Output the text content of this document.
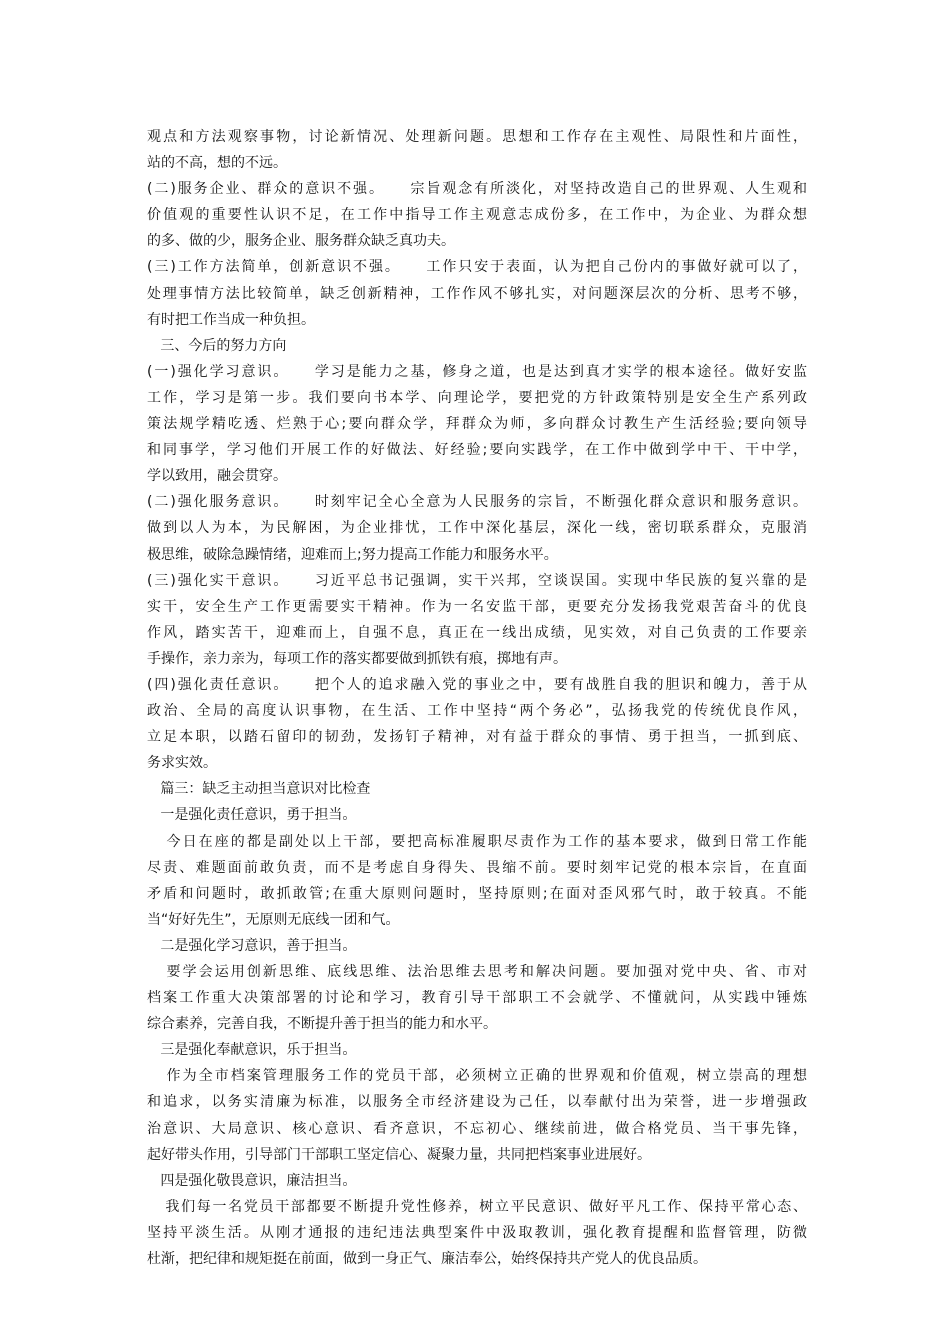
观点和方法观察事物，讨论新情况、处理新问题。思想和工作存在主观性、局限性和片面性，
站的不高，想的不远。
(二)服务企业、群众的意识不强。    宗旨观念有所淡化，对坚持改造自己的世界观、人生观和
价值观的重要性认识不足，在工作中指导工作主观意志成份多，在工作中，为企业、为群众想
的多、做的少，服务企业、服务群众缺乏真功夫。
(三)工作方法简单，创新意识不强。    工作只安于表面，认为把自己份内的事做好就可以了，
处理事情方法比较简单，缺乏创新精神，工作作风不够扎实，对问题深层次的分析、思考不够，
有时把工作当成一种负担。
三、今后的努力方向
(一)强化学习意识。    学习是能力之基，修身之道，也是达到真才实学的根本途径。做好安监
工作，学习是第一步。我们要向书本学、向理论学，要把党的方针政策特别是安全生产系列政
策法规学精吃透、烂熟于心;要向群众学，拜群众为师，多向群众讨教生产生活经验;要向领导
和同事学，学习他们开展工作的好做法、好经验;要向实践学，在工作中做到学中干、干中学，
学以致用，融会贯穿。
(二)强化服务意识。    时刻牢记全心全意为人民服务的宗旨，不断强化群众意识和服务意识。
做到以人为本，为民解困，为企业排忧，工作中深化基层，深化一线，密切联系群众，克服消
极思维，破除急躁情绪，迎难而上;努力提高工作能力和服务水平。
(三)强化实干意识。    习近平总书记强调，实干兴邦，空谈误国。实现中华民族的复兴靠的是
实干，安全生产工作更需要实干精神。作为一名安监干部，更要充分发扬我党艰苦奋斗的优良
作风，踏实苦干，迎难而上，自强不息，真正在一线出成绩，见实效，对自己负责的工作要亲
手操作，亲力亲为，每项工作的落实都要做到抓铁有痕，掷地有声。
(四)强化责任意识。    把个人的追求融入党的事业之中，要有战胜自我的胆识和魄力，善于从
政治、全局的高度认识事物，在生活、工作中坚持“两个务必”，弘扬我党的传统优良作风，
立足本职，以踏石留印的韧劲，发扬钉子精神，对有益于群众的事情、勇于担当，一抓到底、
务求实效。
篇三：缺乏主动担当意识对比检查
一是强化责任意识，勇于担当。
今日在座的都是副处以上干部，要把高标准履职尽责作为工作的基本要求，做到日常工作能
尽责、难题面前敢负责，而不是考虑自身得失、畏缩不前。要时刻牢记党的根本宗旨，在直面
矛盾和问题时，敢抓敢管;在重大原则问题时，坚持原则;在面对歪风邪气时，敢于较真。不能
当“好好先生”，无原则无底线一团和气。
二是强化学习意识，善于担当。
要学会运用创新思维、底线思维、法治思维去思考和解决问题。要加强对党中央、省、市对
档案工作重大决策部署的讨论和学习，教育引导干部职工不会就学、不懂就问，从实践中锤炼
综合素养，完善自我，不断提升善于担当的能力和水平。
三是强化奉献意识，乐于担当。
作为全市档案管理服务工作的党员干部，必须树立正确的世界观和价值观，树立崇高的理想
和追求，以务实清廉为标准，以服务全市经济建设为己任，以奉献付出为荣誉，进一步增强政
治意识、大局意识、核心意识、看齐意识，不忘初心、继续前进，做合格党员、当干事先锋，
起好带头作用，引导部门干部职工坚定信心、凝聚力量，共同把档案事业进展好。
四是强化敬畏意识，廉洁担当。
我们每一名党员干部都要不断提升党性修养，树立平民意识、做好平凡工作、保持平常心态、
坚持平淡生活。从刚才通报的违纪违法典型案件中汲取教训，强化教育提醒和监督管理，防微
杜渐，把纪律和规矩挺在前面，做到一身正气、廉洁奉公，始终保持共产党人的优良品质。
